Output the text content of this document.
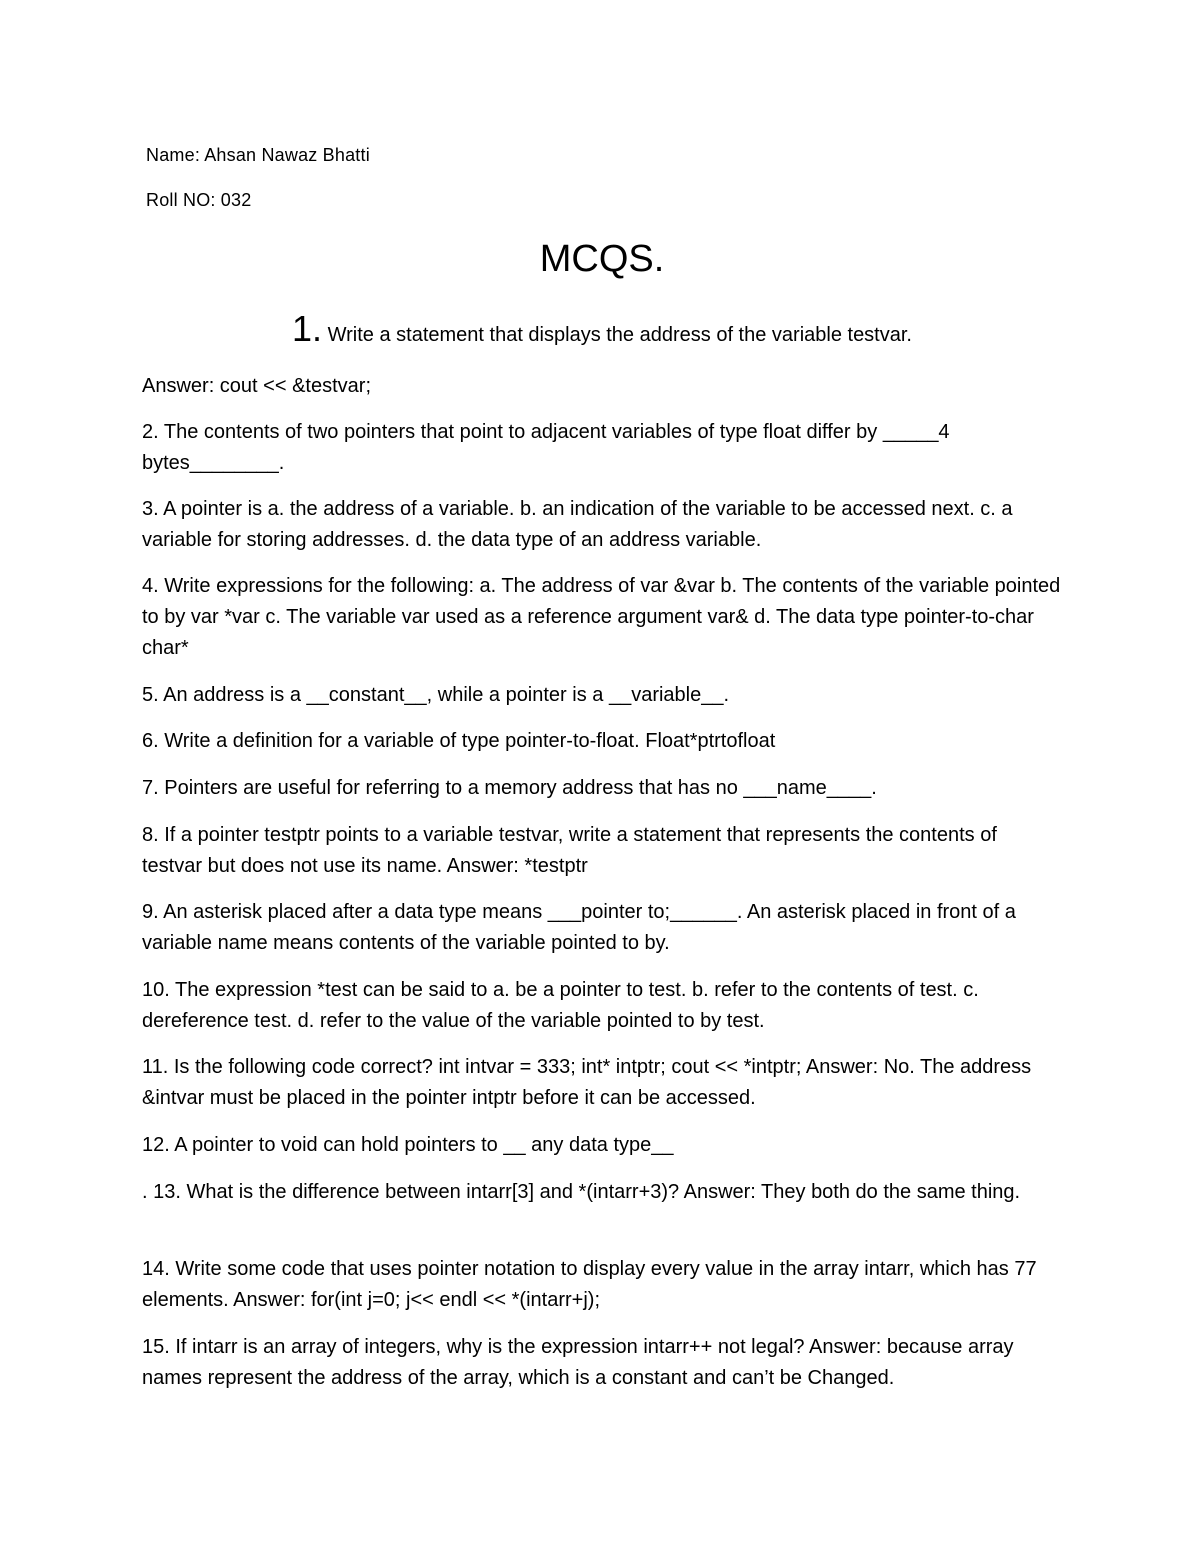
Name: Ahsan Nawaz Bhatti
Roll NO: 032
MCQS.
1. Write a statement that displays the address of the variable testvar.

Answer: cout << &testvar;

2. The contents of two pointers that point to adjacent variables of type float differ by _____4 bytes________.

3. A pointer is a. the address of a variable. b. an indication of the variable to be accessed next. c. a variable for storing addresses. d. the data type of an address variable.

4. Write expressions for the following: a. The address of var &var b. The contents of the variable pointed to by var *var c. The variable var used as a reference argument var& d. The data type pointer-to-char char*

5. An address is a __constant__, while a pointer is a __variable__.

6. Write a definition for a variable of type pointer-to-float. Float*ptrtofloat

7. Pointers are useful for referring to a memory address that has no ___name____.

8. If a pointer testptr points to a variable testvar, write a statement that represents the contents of testvar but does not use its name. Answer: *testptr

9. An asterisk placed after a data type means ___pointer to;______. An asterisk placed in front of a variable name means contents of the variable pointed to by.

10. The expression *test can be said to a. be a pointer to test. b. refer to the contents of test. c. dereference test. d. refer to the value of the variable pointed to by test.

11. Is the following code correct? int intvar = 333; int* intptr; cout << *intptr; Answer: No. The address &intvar must be placed in the pointer intptr before it can be accessed.

12. A pointer to void can hold pointers to __ any data type__

. 13. What is the difference between intarr[3] and *(intarr+3)? Answer: They both do the same thing.

14. Write some code that uses pointer notation to display every value in the array intarr, which has 77 elements. Answer: for(int j=0; j<< endl << *(intarr+j);

15. If intarr is an array of integers, why is the expression intarr++ not legal? Answer: because array names represent the address of the array, which is a constant and can’t be Changed.
